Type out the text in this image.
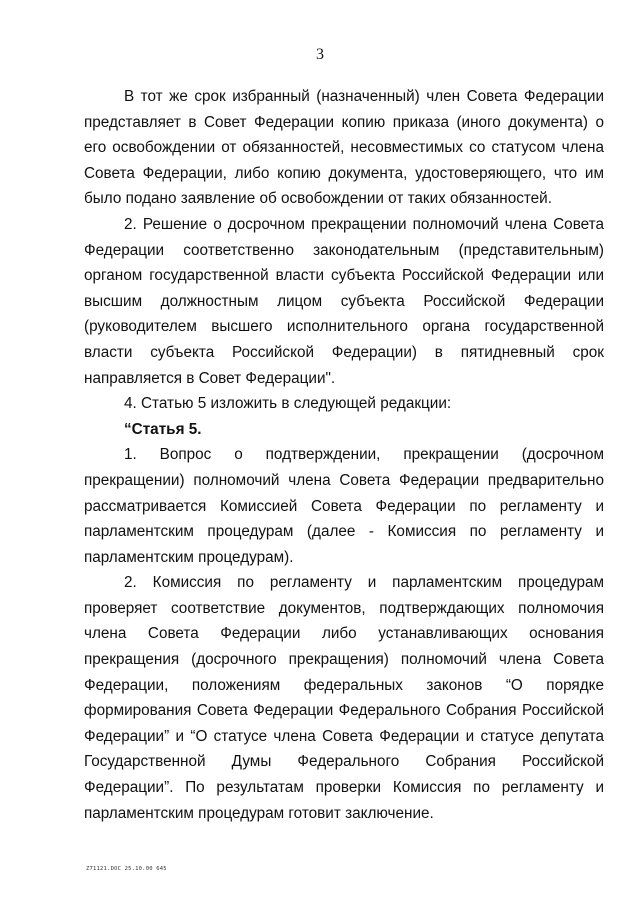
3

В тот же срок избранный (назначенный) член Совета Федерации представляет в Совет Федерации копию приказа (иного документа) о его освобождении от обязанностей, несовместимых со статусом члена Совета Федерации, либо копию документа, удостоверяющего, что им было подано заявление об освобождении от таких обязанностей.

2. Решение о досрочном прекращении полномочий члена Совета Федерации соответственно законодательным (представительным) органом государственной власти субъекта Российской Федерации или высшим должностным лицом субъекта Российской Федерации (руководителем высшего исполнительного органа государственной власти субъекта Российской Федерации) в пятидневный срок направляется в Совет Федерации".

4. Статью 5 изложить в следующей редакции:

“Статья 5.

1. Вопрос о подтверждении, прекращении (досрочном прекращении) полномочий члена Совета Федерации предварительно рассматривается Комиссией Совета Федерации по регламенту и парламентским процедурам (далее - Комиссия по регламенту и парламентским процедурам).

2. Комиссия по регламенту и парламентским процедурам проверяет соответствие документов, подтверждающих полномочия члена Совета Федерации либо устанавливающих основания прекращения (досрочного прекращения) полномочий члена Совета Федерации, положениям федеральных законов “О порядке формирования Совета Федерации Федерального Собрания Российской Федерации” и “О статусе члена Совета Федерации и статусе депутата Государственной Думы Федерального Собрания Российской Федерации”. По результатам проверки Комиссия по регламенту и парламентским процедурам готовит заключение.

Z71121.DOC 25.10.00 645
